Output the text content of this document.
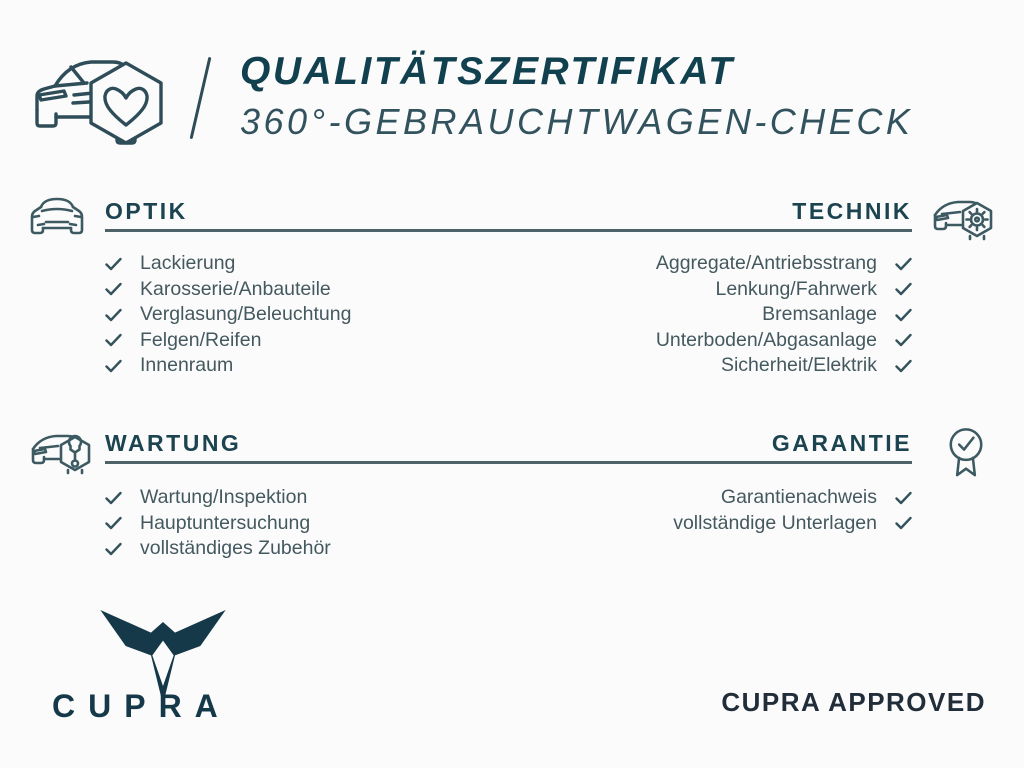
QUALITÄTSZERTIFIKAT
360°-GEBRAUCHTWAGEN-CHECK
OPTIK	TECHNIK
Lackierung
Karosserie/Anbauteile
Verglasung/Beleuchtung
Felgen/Reifen
Innenraum
Aggregate/Antriebsstrang
Lenkung/Fahrwerk
Bremsanlage
Unterboden/Abgasanlage
Sicherheit/Elektrik
WARTUNG	GARANTIE
Wartung/Inspektion
Hauptuntersuchung
vollständiges Zubehör
Garantienachweis
vollständige Unterlagen
CUPRA	CUPRA APPROVED
